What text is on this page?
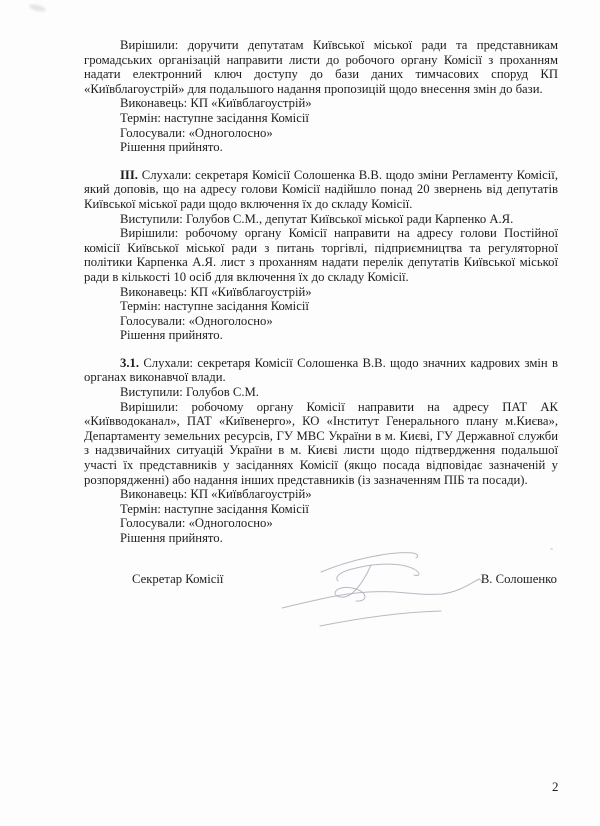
Вирішили: доручити депутатам Київської міської ради та представникам громадських організацій направити листи до робочого органу Комісії з проханням надати електронний ключ доступу до бази даних тимчасових споруд КП «Київблагоустрій» для подальшого надання пропозицій щодо внесення змін до бази.

Виконавець: КП «Київблагоустрій»

Термін: наступне засідання Комісії

Голосували: «Одноголосно»

Рішення прийнято.

III. Слухали: секретаря Комісії Солошенка В.В. щодо зміни Регламенту Комісії, який доповів, що на адресу голови Комісії надійшло понад 20 звернень від депутатів Київської міської ради щодо включення їх до складу Комісії.

Виступили: Голубов С.М., депутат Київської міської ради Карпенко А.Я.

Вирішили: робочому органу Комісії направити на адресу голови Постійної комісії Київської міської ради з питань торгівлі, підприємництва та регуляторної політики Карпенка А.Я. лист з проханням надати перелік депутатів Київської міської ради в кількості 10 осіб для включення їх до складу Комісії.

Виконавець: КП «Київблагоустрій»

Термін: наступне засідання Комісії

Голосували: «Одноголосно»

Рішення прийнято.

3.1. Слухали: секретаря Комісії Солошенка В.В. щодо значних кадрових змін в органах виконавчої влади.

Виступили: Голубов С.М.

Вирішили: робочому органу Комісії направити на адресу ПАТ АК «Київводоканал», ПАТ «Київенерго», КО «Інститут Генерального плану м.Києва», Департаменту земельних ресурсів, ГУ МВС України в м. Києві, ГУ Державної служби з надзвичайних ситуацій України в м. Києві листи щодо підтвердження подальшої участі їх представників у засіданнях Комісії (якщо посада відповідає зазначеній у розпорядженні) або надання інших представників (із зазначенням ПІБ та посади).

Виконавець: КП «Київблагоустрій»

Термін: наступне засідання Комісії

Голосували: «Одноголосно»

Рішення прийнято.

Секретар Комісії	В. Солошенко
2
